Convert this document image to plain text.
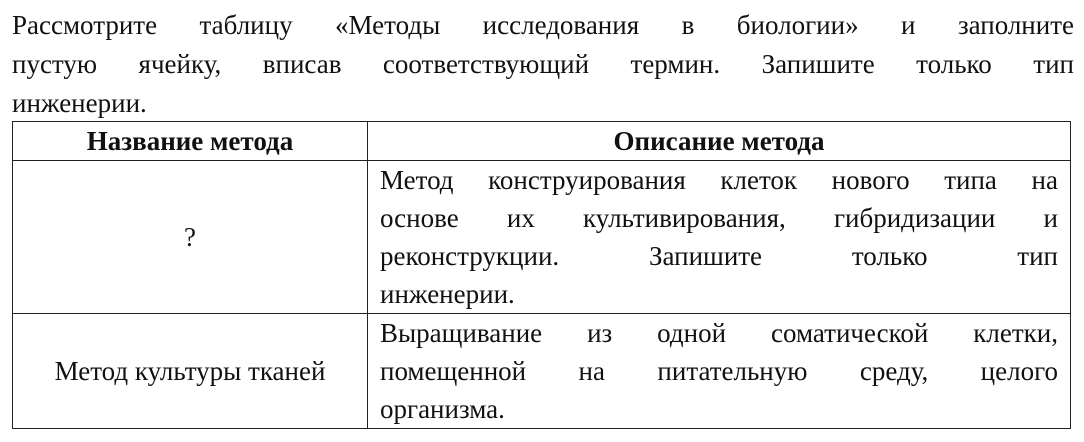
Рассмотрите таблицу «Методы исследования в биологии» и заполните
пустую ячейку, вписав соответствующий термин. Запишите только тип
инженерии.

Название метода	Описание метода
?	Метод конструирования клеток нового типа на
основе их культивирования, гибридизации и
реконструкции. Запишите только тип
инженерии.

Метод культуры тканей	Выращивание из одной соматической клетки,
помещенной на питательную среду, целого
организма.
